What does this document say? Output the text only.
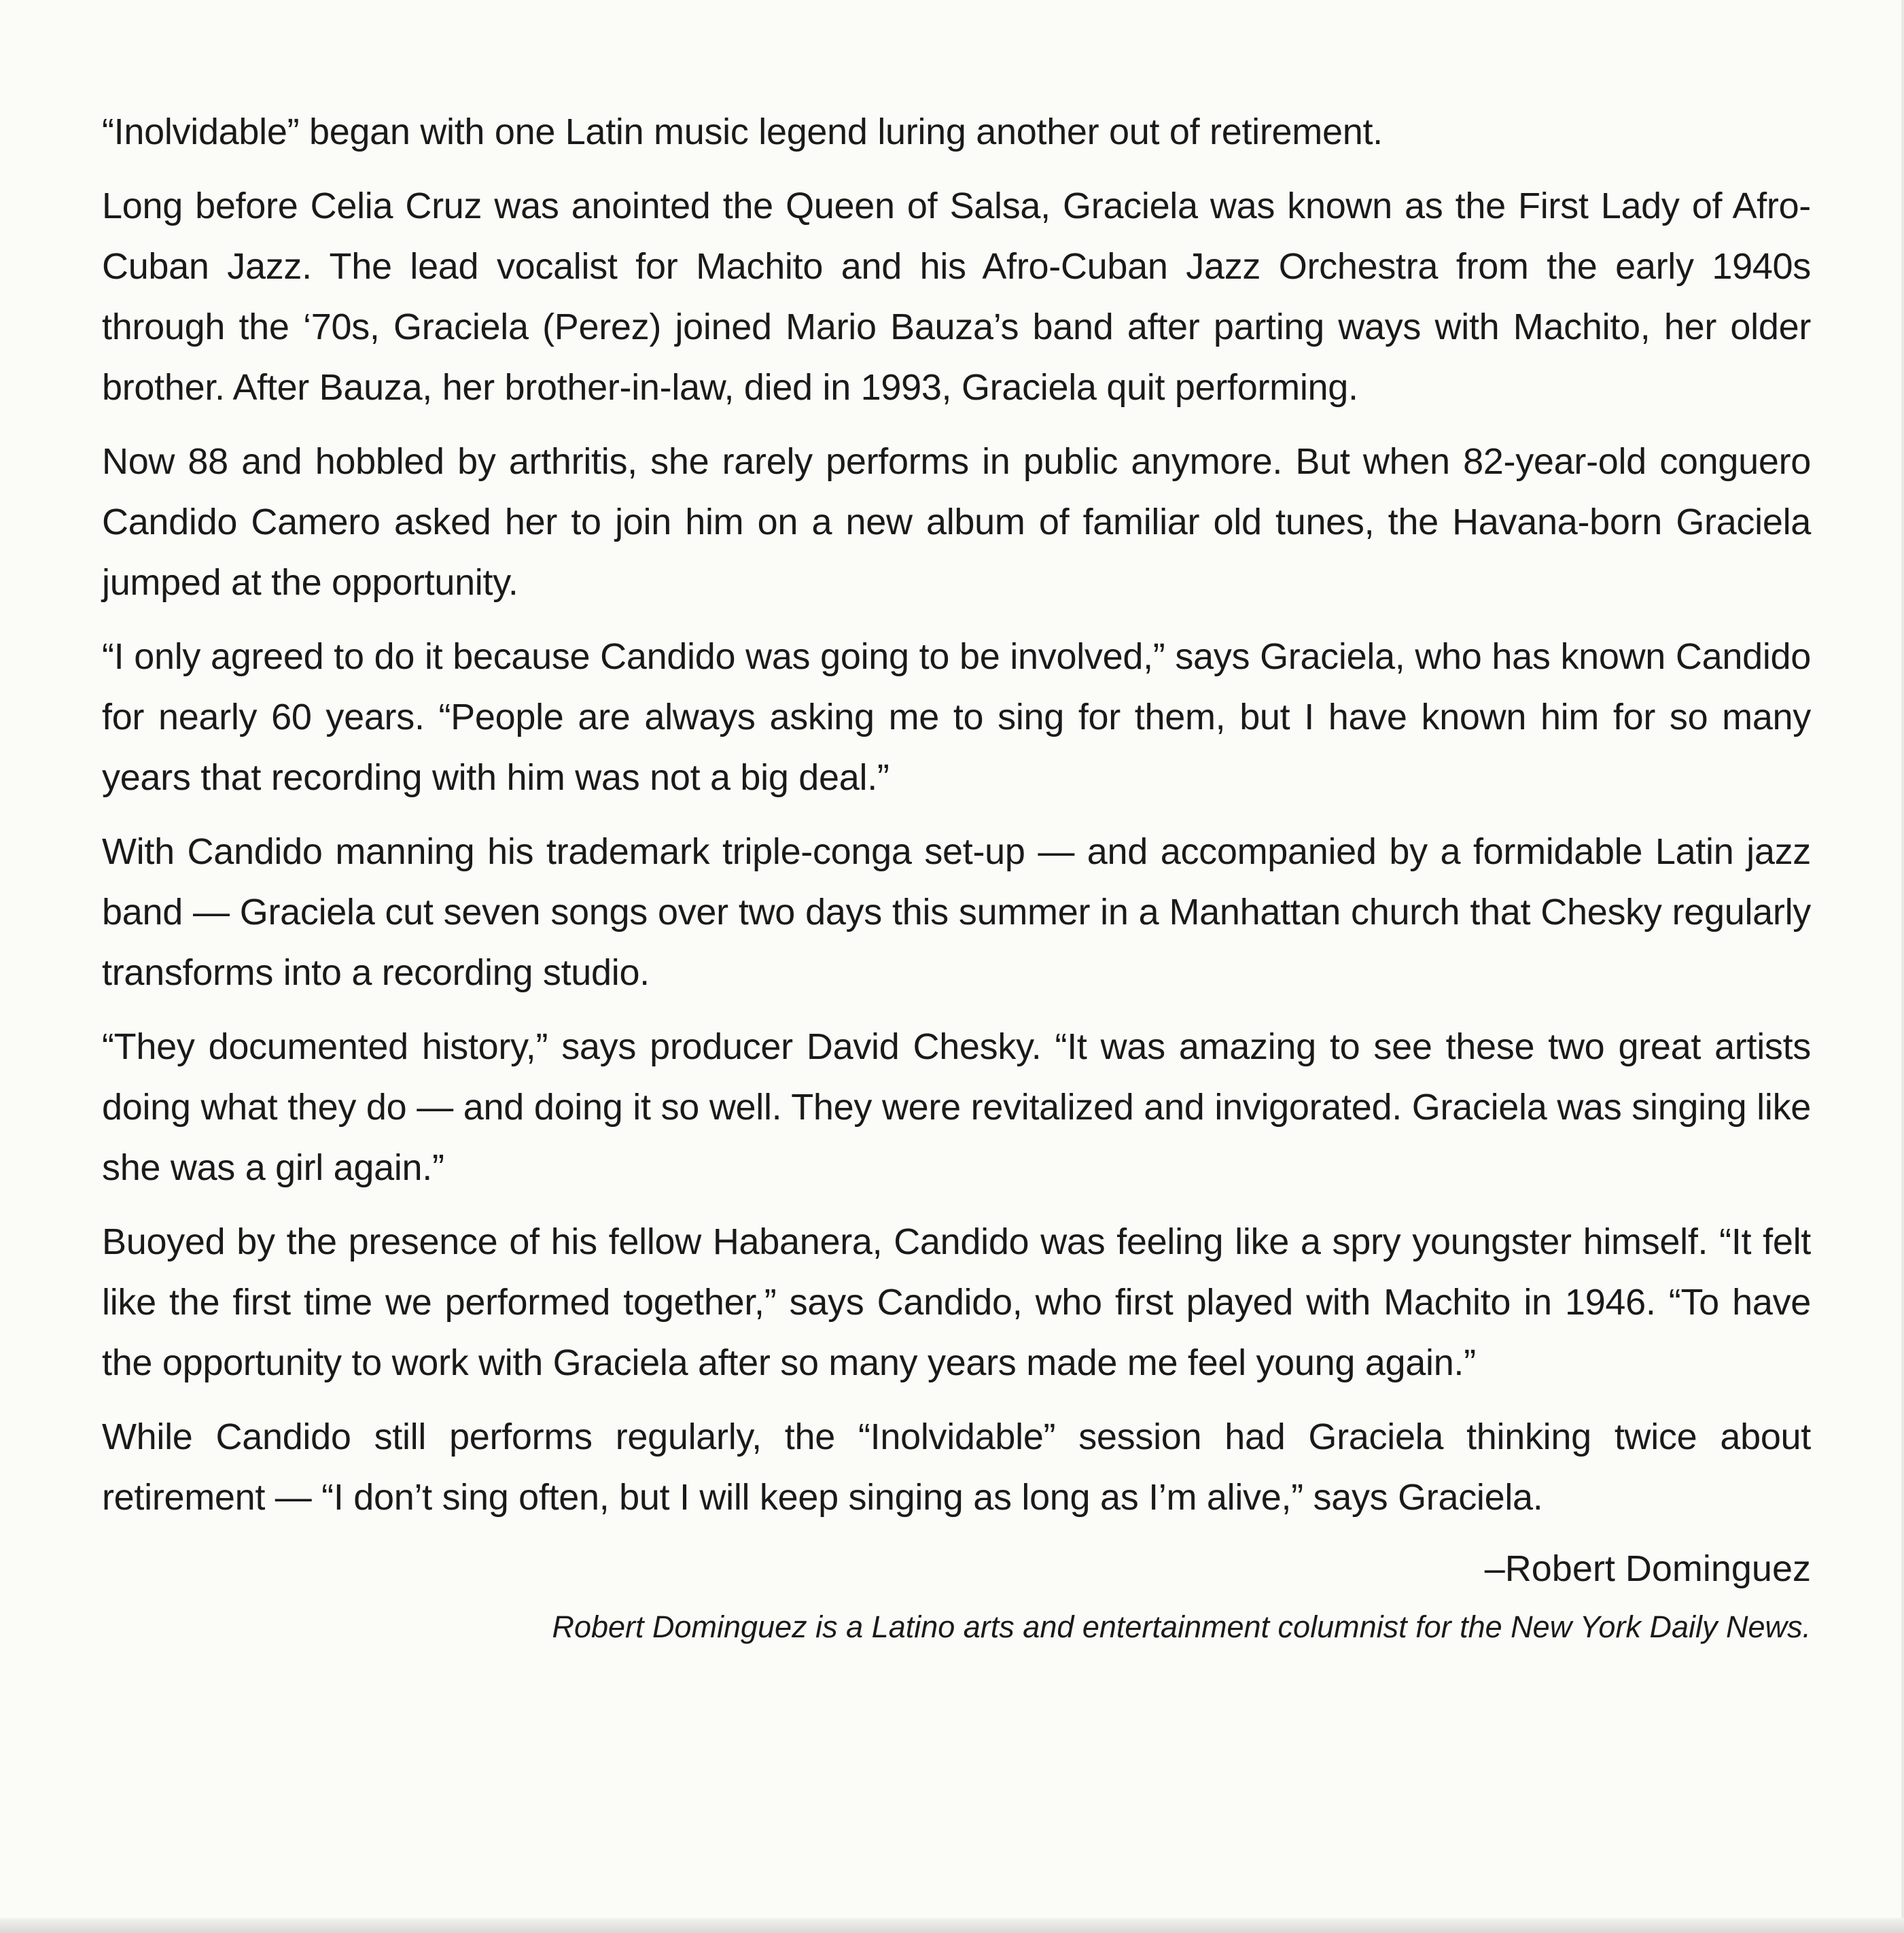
“Inolvidable” began with one Latin music legend luring another out of retirement.

Long before Celia Cruz was anointed the Queen of Salsa, Graciela was known as the First Lady of Afro-Cuban Jazz. The lead vocalist for Machito and his Afro-Cuban Jazz Orchestra from the early 1940s through the ‘70s, Graciela (Perez) joined Mario Bauza’s band after parting ways with Machito, her older brother. After Bauza, her brother-in-law, died in 1993, Graciela quit performing.

Now 88 and hobbled by arthritis, she rarely performs in public anymore. But when 82-year-old conguero Candido Camero asked her to join him on a new album of familiar old tunes, the Havana-born Graciela jumped at the opportunity.

“I only agreed to do it because Candido was going to be involved,” says Graciela, who has known Candido for nearly 60 years. “People are always asking me to sing for them, but I have known him for so many years that recording with him was not a big deal.”

With Candido manning his trademark triple-conga set-up — and accompanied by a formidable Latin jazz band — Graciela cut seven songs over two days this summer in a Manhattan church that Chesky regularly transforms into a recording studio.

“They documented history,” says producer David Chesky. “It was amazing to see these two great artists doing what they do — and doing it so well. They were revitalized and invigorated. Graciela was singing like she was a girl again.”

Buoyed by the presence of his fellow Habanera, Candido was feeling like a spry youngster himself. “It felt like the first time we performed together,” says Candido, who first played with Machito in 1946. “To have the opportunity to work with Graciela after so many years made me feel young again.”

While Candido still performs regularly, the “Inolvidable” session had Graciela thinking twice about retirement — “I don’t sing often, but I will keep singing as long as I’m alive,” says Graciela.

–Robert Dominguez

Robert Dominguez is a Latino arts and entertainment columnist for the New York Daily News.
